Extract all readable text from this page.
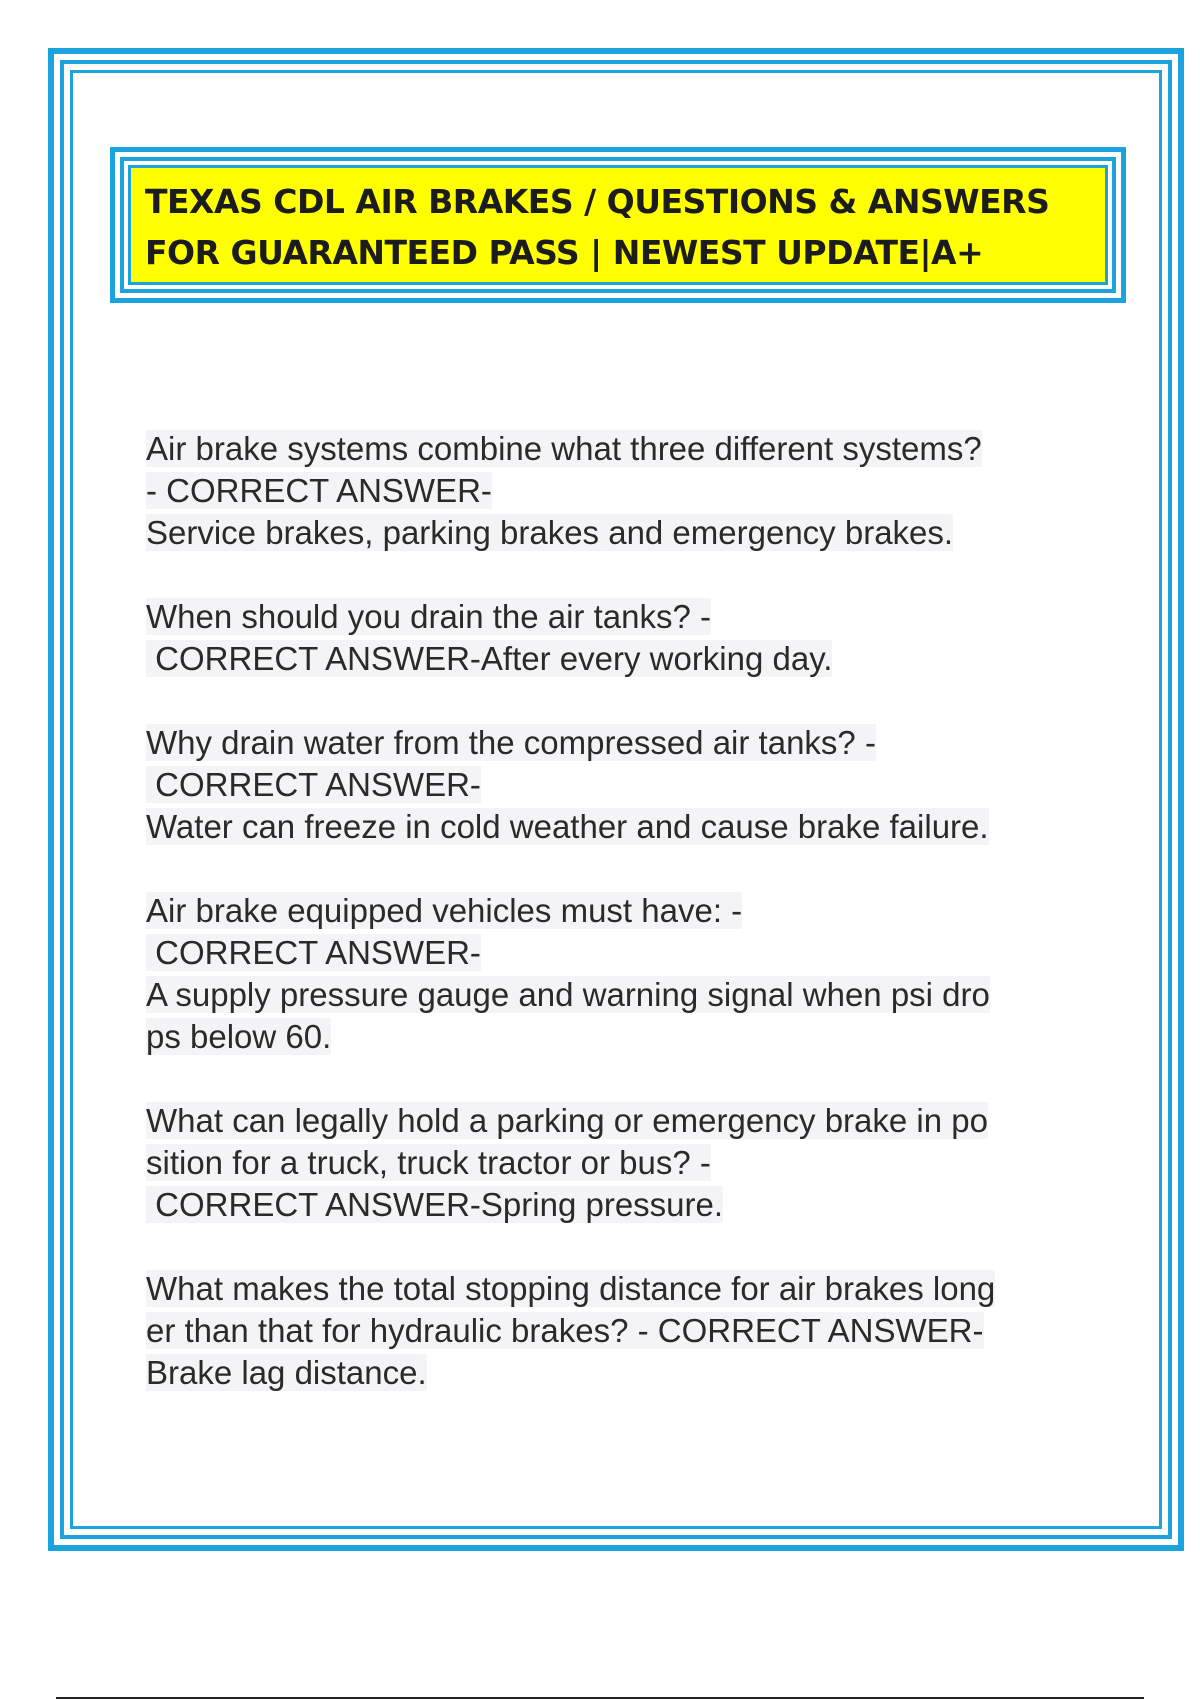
TEXAS CDL AIR BRAKES / QUESTIONS & ANSWERS
FOR GUARANTEED PASS | NEWEST UPDATE|A+
Air brake systems combine what three different systems?
- CORRECT ANSWER-
Service brakes, parking brakes and emergency brakes.
When should you drain the air tanks? -
CORRECT ANSWER-After every working day.
Why drain water from the compressed air tanks? -
CORRECT ANSWER-
Water can freeze in cold weather and cause brake failure.
Air brake equipped vehicles must have: -
CORRECT ANSWER-
A supply pressure gauge and warning signal when psi dro
ps below 60.
What can legally hold a parking or emergency brake in po
sition for a truck, truck tractor or bus? -
CORRECT ANSWER-Spring pressure.
What makes the total stopping distance for air brakes long
er than that for hydraulic brakes? - CORRECT ANSWER-
Brake lag distance.
